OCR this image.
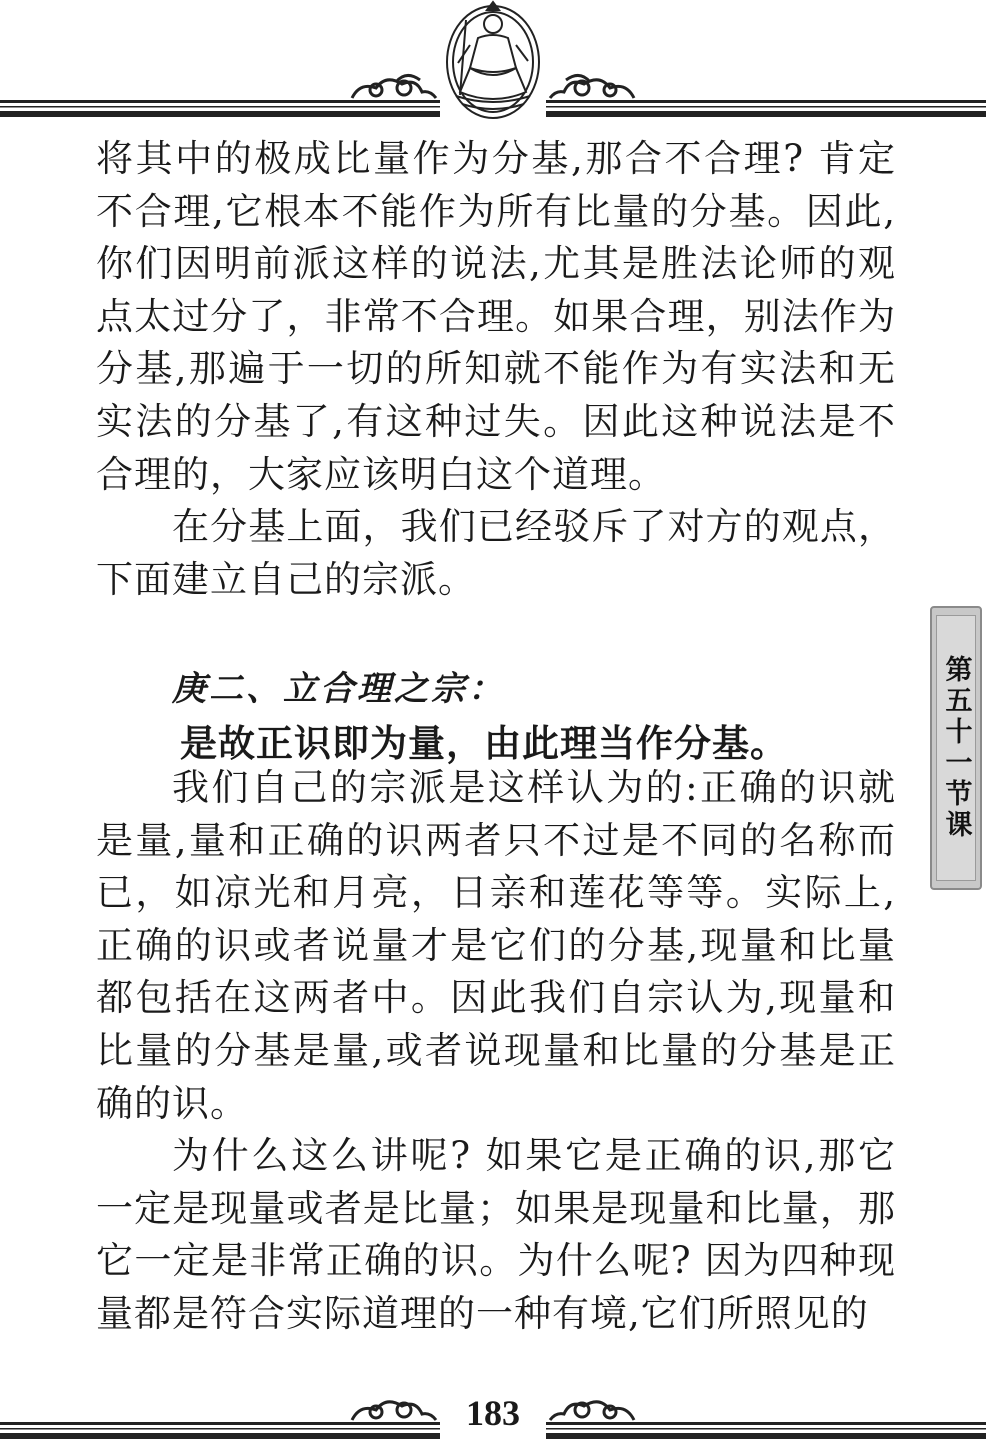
将其中的极成比量作为分基,那合不合理? 肯定不合理,它根本不能作为所有比量的分基。因此,你们因明前派这样的说法,尤其是胜法论师的观点太过分了，非常不合理。如果合理，别法作为分基,那遍于一切的所知就不能作为有实法和无实法的分基了,有这种过失。因此这种说法是不合理的，大家应该明白这个道理。

在分基上面，我们已经驳斥了对方的观点，下面建立自己的宗派。

庚二、立合理之宗：
是故正识即为量，由此理当作分基。

我们自己的宗派是这样认为的:正确的识就是量,量和正确的识两者只不过是不同的名称而已，如凉光和月亮，日亲和莲花等等。实际上,正确的识或者说量才是它们的分基,现量和比量都包括在这两者中。因此我们自宗认为,现量和比量的分基是量,或者说现量和比量的分基是正确的识。

为什么这么讲呢? 如果它是正确的识,那它一定是现量或者是比量；如果是现量和比量，那它一定是非常正确的识。为什么呢? 因为四种现量都是符合实际道理的一种有境,它们所照见的

第五十一节课
183
